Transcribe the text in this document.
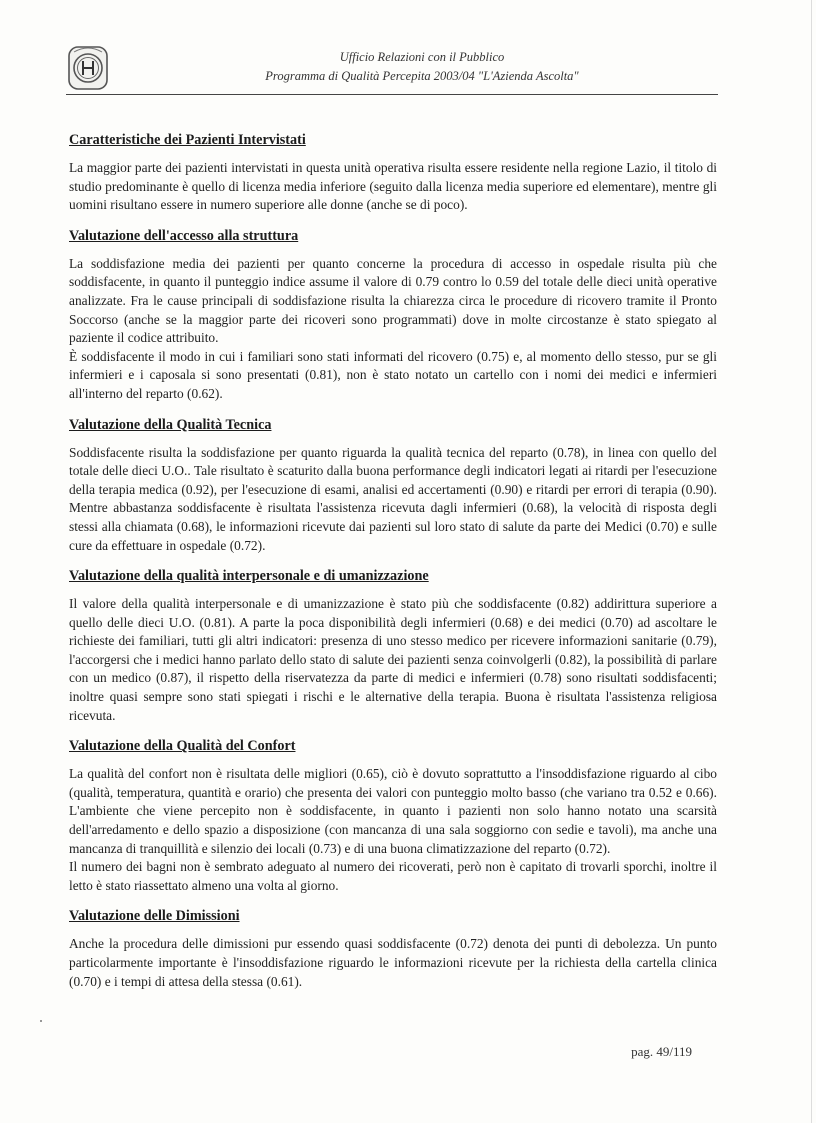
Ufficio Relazioni con il Pubblico
Programma di Qualità Percepita 2003/04 "L'Azienda Ascolta"
Caratteristiche dei Pazienti Intervistati

La maggior parte dei pazienti intervistati in questa unità operativa risulta essere residente nella regione Lazio, il titolo di studio predominante è quello di licenza media inferiore (seguito dalla licenza media superiore ed elementare), mentre gli uomini risultano essere in numero superiore alle donne (anche se di poco).

Valutazione dell'accesso alla struttura

La soddisfazione media dei pazienti per quanto concerne la procedura di accesso in ospedale risulta più che soddisfacente, in quanto il punteggio indice assume il valore di 0.79 contro lo 0.59 del totale delle dieci unità operative analizzate. Fra le cause principali di soddisfazione risulta la chiarezza circa le procedure di ricovero tramite il Pronto Soccorso (anche se la maggior parte dei ricoveri sono programmati) dove in molte circostanze è stato spiegato al paziente il codice attribuito.

È soddisfacente il modo in cui i familiari sono stati informati del ricovero (0.75) e, al momento dello stesso, pur se gli infermieri e i caposala si sono presentati (0.81), non è stato notato un cartello con i nomi dei medici e infermieri all'interno del reparto (0.62).

Valutazione della Qualità Tecnica

Soddisfacente risulta la soddisfazione per quanto riguarda la qualità tecnica del reparto (0.78), in linea con quello del totale delle dieci U.O.. Tale risultato è scaturito dalla buona performance degli indicatori legati ai ritardi per l'esecuzione della terapia medica (0.92), per l'esecuzione di esami, analisi ed accertamenti (0.90) e ritardi per errori di terapia (0.90). Mentre abbastanza soddisfacente è risultata l'assistenza ricevuta dagli infermieri (0.68), la velocità di risposta degli stessi alla chiamata (0.68), le informazioni ricevute dai pazienti sul loro stato di salute da parte dei Medici (0.70) e sulle cure da effettuare in ospedale (0.72).

Valutazione della qualità interpersonale e di umanizzazione

Il valore della qualità interpersonale e di umanizzazione è stato più che soddisfacente (0.82) addirittura superiore a quello delle dieci U.O. (0.81). A parte la poca disponibilità degli infermieri (0.68) e dei medici (0.70) ad ascoltare le richieste dei familiari, tutti gli altri indicatori: presenza di uno stesso medico per ricevere informazioni sanitarie (0.79), l'accorgersi che i medici hanno parlato dello stato di salute dei pazienti senza coinvolgerli (0.82), la possibilità di parlare con un medico (0.87), il rispetto della riservatezza da parte di medici e infermieri (0.78) sono risultati soddisfacenti; inoltre quasi sempre sono stati spiegati i rischi e le alternative della terapia. Buona è risultata l'assistenza religiosa ricevuta.

Valutazione della Qualità del Confort

La qualità del confort non è risultata delle migliori (0.65), ciò è dovuto soprattutto a l'insoddisfazione riguardo al cibo (qualità, temperatura, quantità e orario) che presenta dei valori con punteggio molto basso (che variano tra 0.52 e 0.66). L'ambiente che viene percepito non è soddisfacente, in quanto i pazienti non solo hanno notato una scarsità dell'arredamento e dello spazio a disposizione (con mancanza di una sala soggiorno con sedie e tavoli), ma anche una mancanza di tranquillità e silenzio dei locali (0.73) e di una buona climatizzazione del reparto (0.72).

Il numero dei bagni non è sembrato adeguato al numero dei ricoverati, però non è capitato di trovarli sporchi, inoltre il letto è stato riassettato almeno una volta al giorno.

Valutazione delle Dimissioni

Anche la procedura delle dimissioni pur essendo quasi soddisfacente (0.72) denota dei punti di debolezza. Un punto particolarmente importante è l'insoddisfazione riguardo le informazioni ricevute per la richiesta della cartella clinica (0.70) e i tempi di attesa della stessa (0.61).

pag. 49/119
